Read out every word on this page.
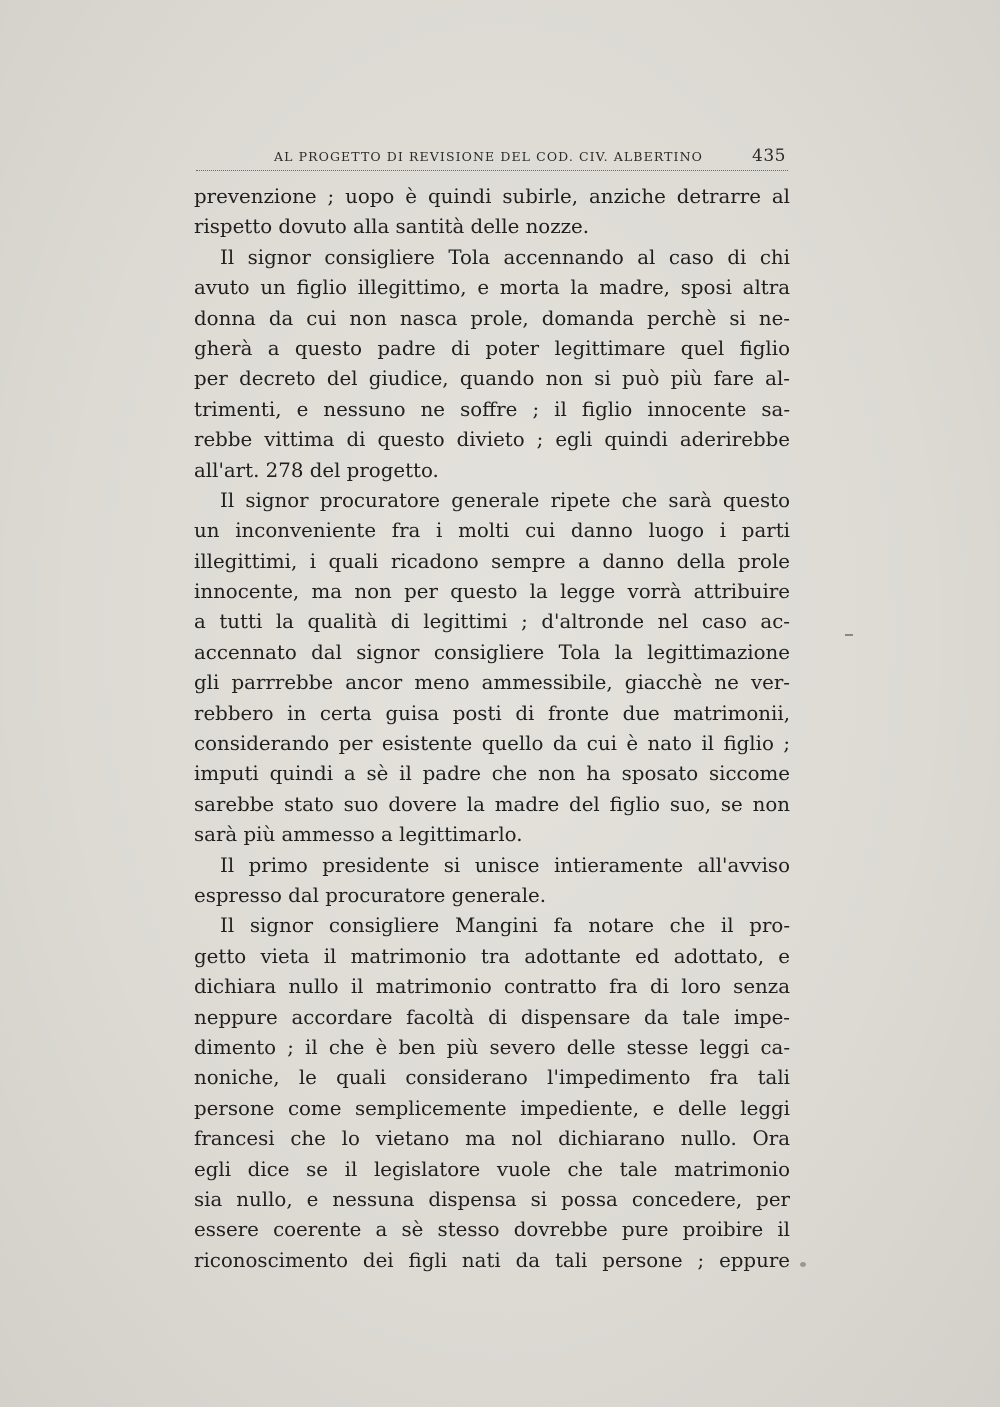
AL PROGETTO DI REVISIONE DEL COD. CIV. ALBERTINO	435
prevenzione ; uopo è quindi subirle, anziche detrarre al
rispetto dovuto alla santità delle nozze.
Il signor consigliere Tola accennando al caso di chi
avuto un figlio illegittimo, e morta la madre, sposi altra
donna da cui non nasca prole, domanda perchè si ne-
gherà a questo padre di poter legittimare quel figlio
per decreto del giudice, quando non si può più fare al-
trimenti, e nessuno ne soffre ; il figlio innocente sa-
rebbe vittima di questo divieto ; egli quindi aderirebbe
all'art. 278 del progetto.
Il signor procuratore generale ripete che sarà questo
un inconveniente fra i molti cui danno luogo i parti
illegittimi, i quali ricadono sempre a danno della prole
innocente, ma non per questo la legge vorrà attribuire
a tutti la qualità di legittimi ; d'altronde nel caso ac-
accennato dal signor consigliere Tola la legittimazione
gli parrrebbe ancor meno ammessibile, giacchè ne ver-
rebbero in certa guisa posti di fronte due matrimonii,
considerando per esistente quello da cui è nato il figlio ;
imputi quindi a sè il padre che non ha sposato siccome
sarebbe stato suo dovere la madre del figlio suo, se non
sarà più ammesso a legittimarlo.
Il primo presidente si unisce intieramente all'avviso
espresso dal procuratore generale.
Il signor consigliere Mangini fa notare che il pro-
getto vieta il matrimonio tra adottante ed adottato, e
dichiara nullo il matrimonio contratto fra di loro senza
neppure accordare facoltà di dispensare da tale impe-
dimento ; il che è ben più severo delle stesse leggi ca-
noniche, le quali considerano l'impedimento fra tali
persone come semplicemente impediente, e delle leggi
francesi che lo vietano ma nol dichiarano nullo. Ora
egli dice se il legislatore vuole che tale matrimonio
sia nullo, e nessuna dispensa si possa concedere, per
essere coerente a sè stesso dovrebbe pure proibire il
riconoscimento dei figli nati da tali persone ; eppure
